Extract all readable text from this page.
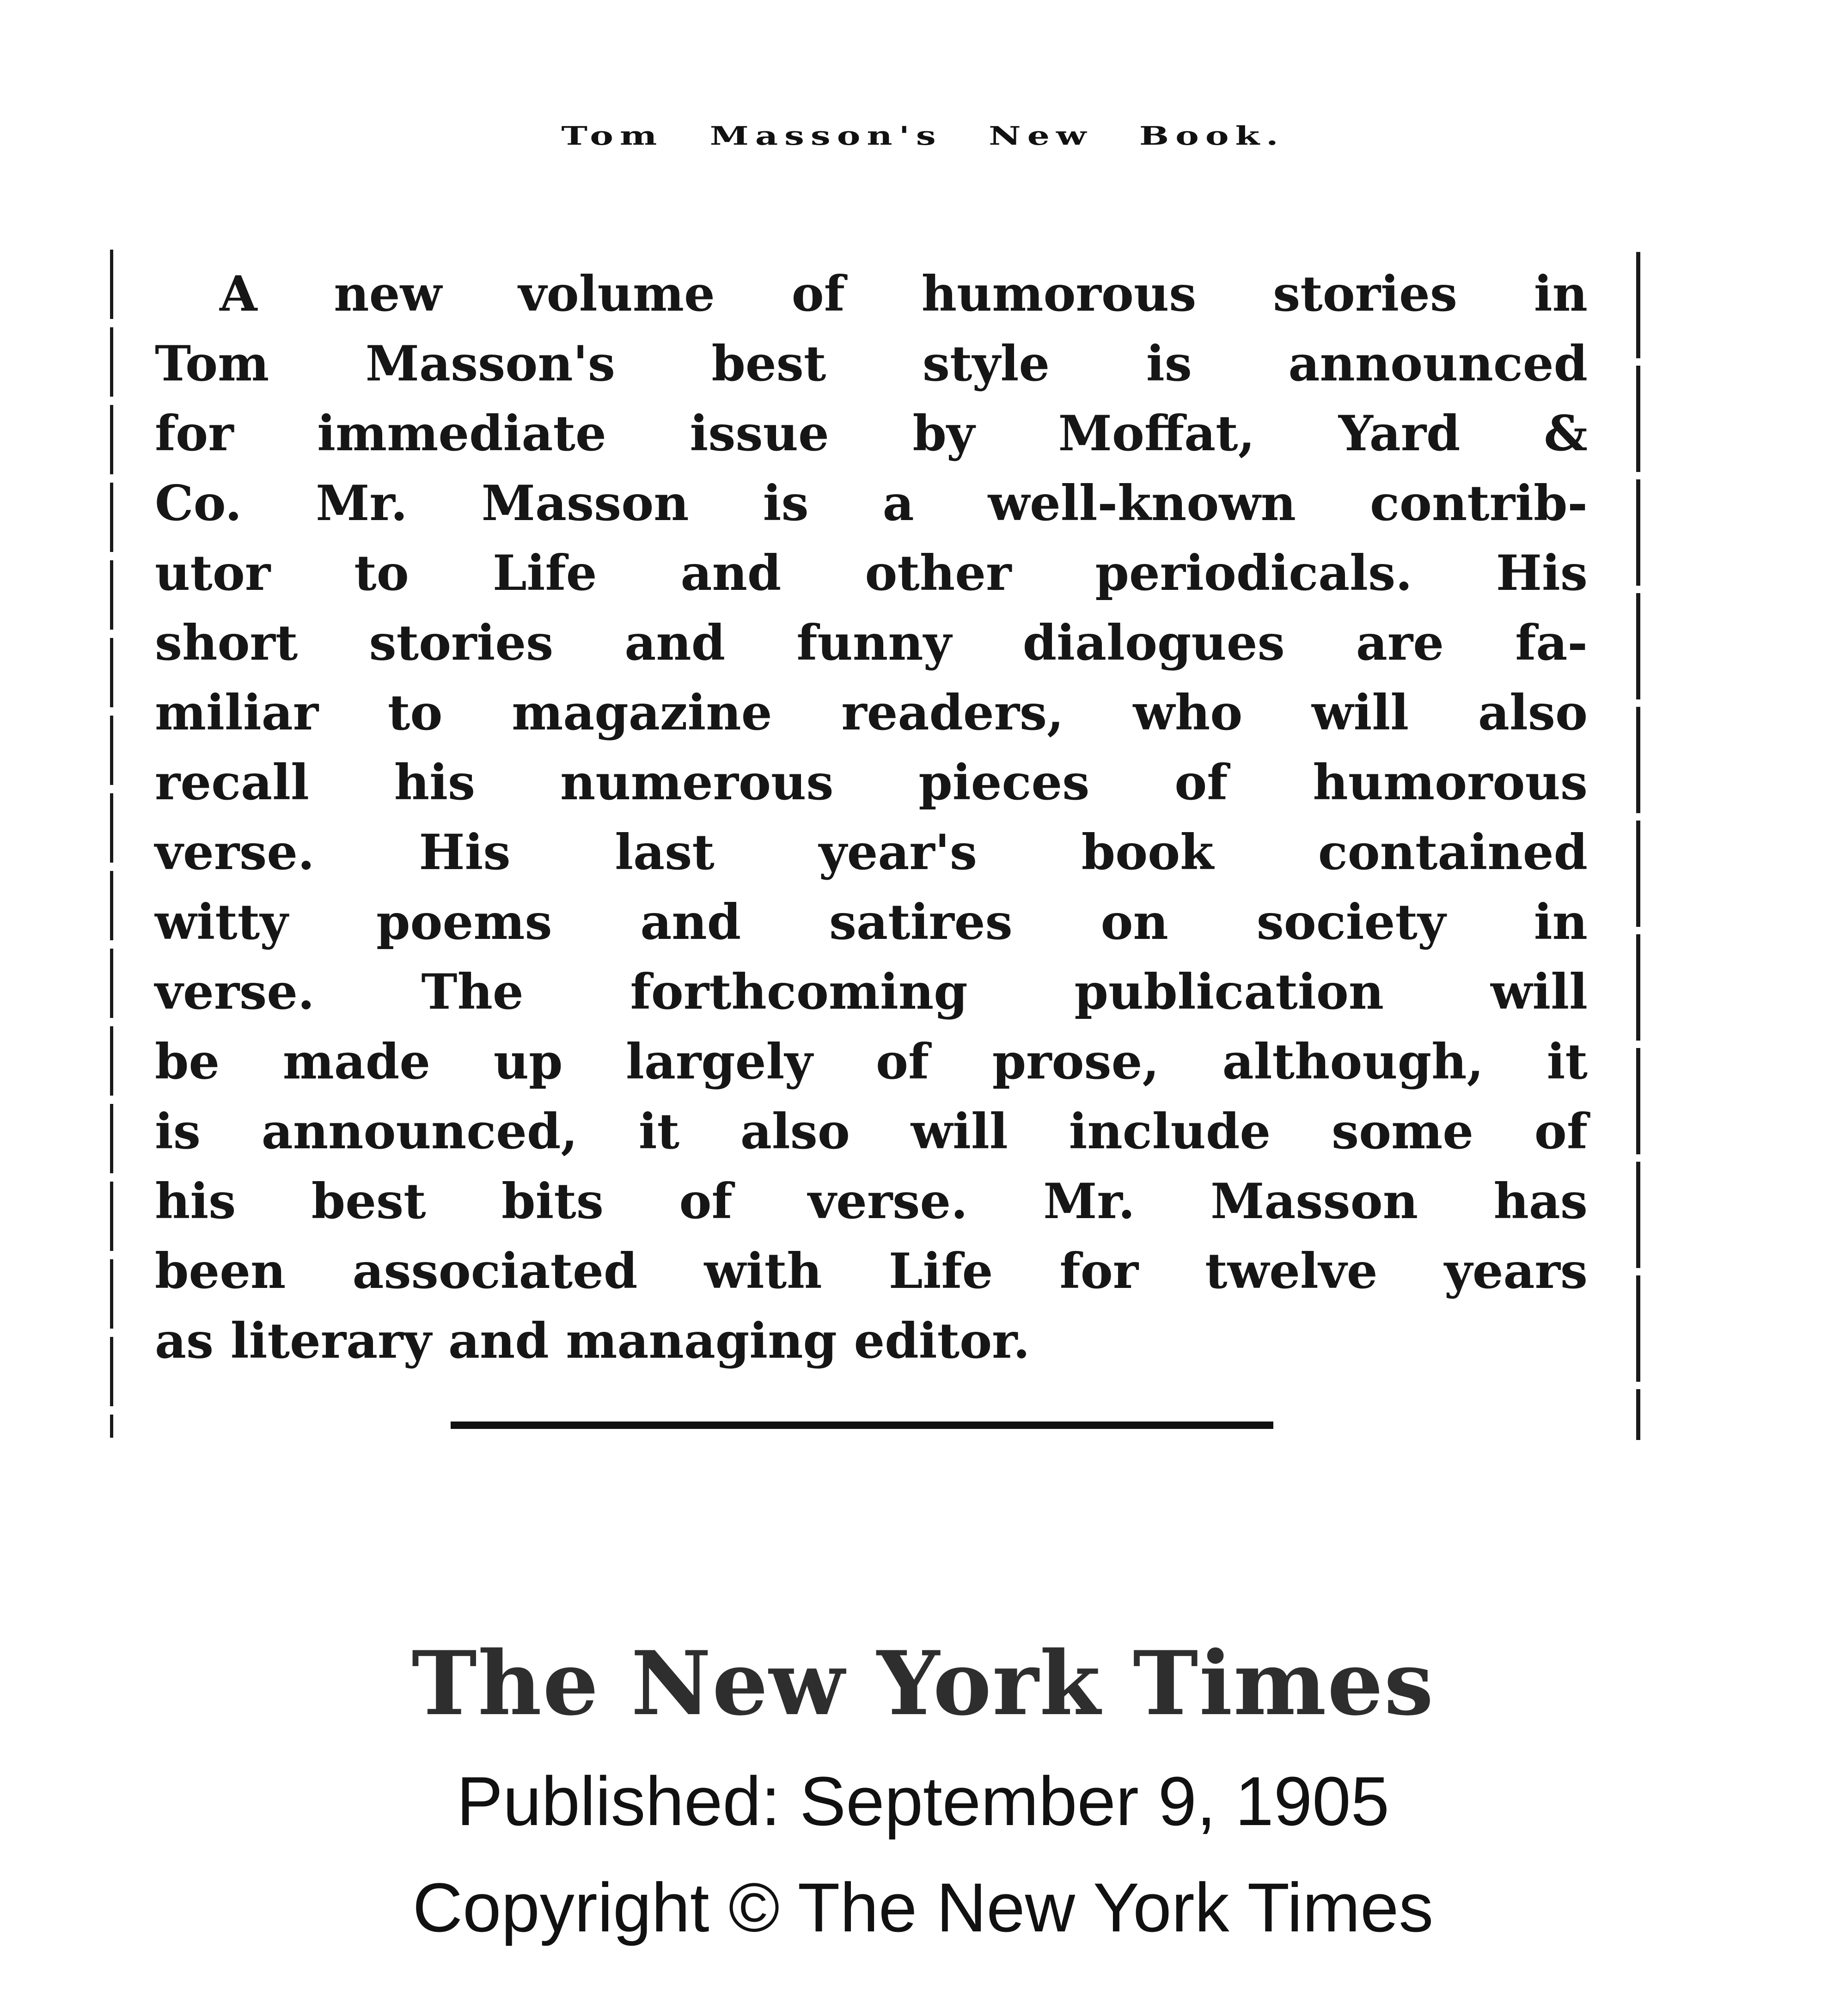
Tom Masson's New Book.
A new volume of humorous stories in
Tom Masson's best style is announced
for immediate issue by Moffat, Yard &
Co. Mr. Masson is a well-known contrib-
utor to Life and other periodicals. His
short stories and funny dialogues are fa-
miliar to magazine readers, who will also
recall his numerous pieces of humorous
verse. His last year's book contained
witty poems and satires on society in
verse. The forthcoming publication will
be made up largely of prose, although, it
is announced, it also will include some of
his best bits of verse. Mr. Masson has
been associated with Life for twelve years
as literary and managing editor.
The New York Times
Published: September 9, 1905
Copyright © The New York Times
